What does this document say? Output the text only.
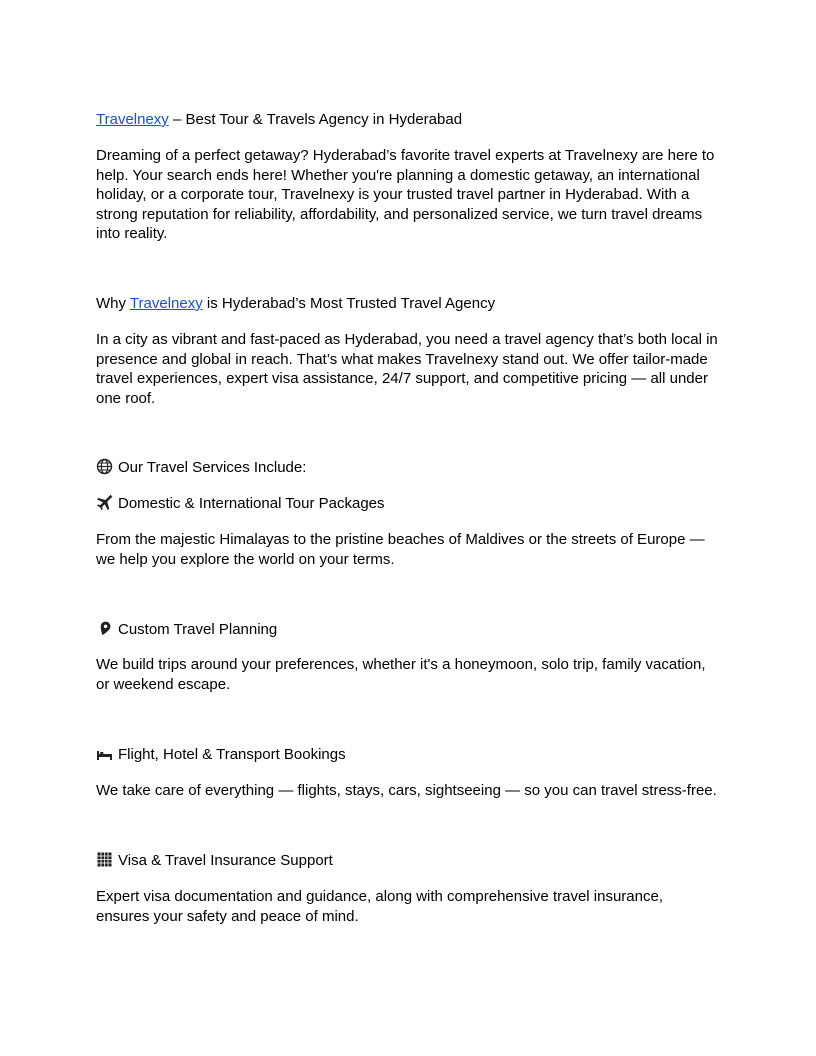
Travelnexy – Best Tour & Travels Agency in Hyderabad

Dreaming of a perfect getaway? Hyderabad’s favorite travel experts at Travelnexy are here to help. Your search ends here! Whether you're planning a domestic getaway, an international holiday, or a corporate tour, Travelnexy is your trusted travel partner in Hyderabad. With a strong reputation for reliability, affordability, and personalized service, we turn travel dreams into reality.

Why Travelnexy is Hyderabad’s Most Trusted Travel Agency

In a city as vibrant and fast-paced as Hyderabad, you need a travel agency that’s both local in presence and global in reach. That’s what makes Travelnexy stand out. We offer tailor-made travel experiences, expert visa assistance, 24/7 support, and competitive pricing — all under one roof.

Our Travel Services Include:

Domestic & International Tour Packages

From the majestic Himalayas to the pristine beaches of Maldives or the streets of Europe — we help you explore the world on your terms.

Custom Travel Planning

We build trips around your preferences, whether it's a honeymoon, solo trip, family vacation, or weekend escape.

Flight, Hotel & Transport Bookings

We take care of everything — flights, stays, cars, sightseeing — so you can travel stress-free.

Visa & Travel Insurance Support

Expert visa documentation and guidance, along with comprehensive travel insurance, ensures your safety and peace of mind.
